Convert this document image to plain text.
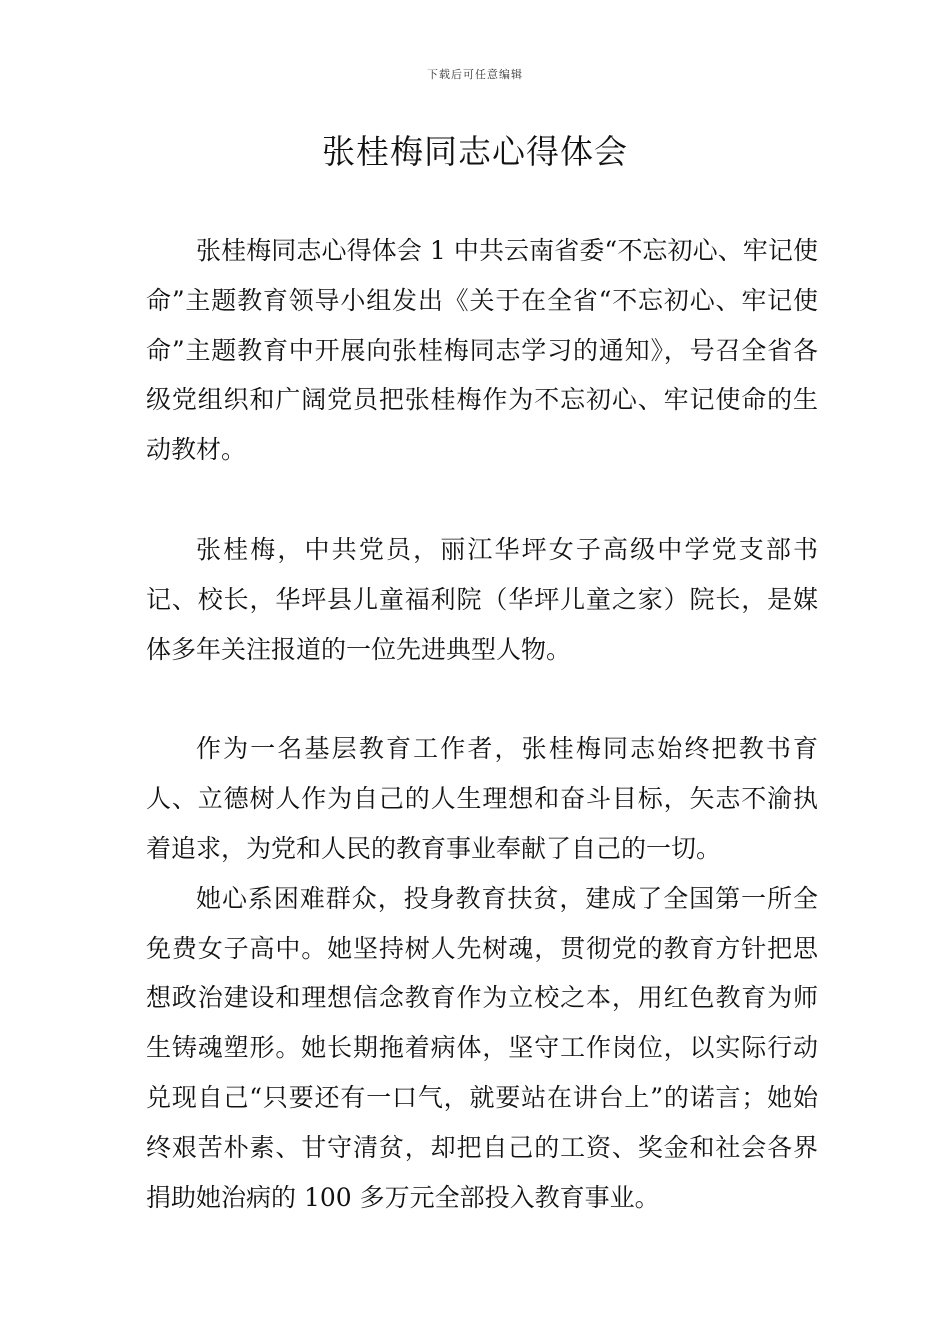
下载后可任意编辑
张桂梅同志心得体会

张桂梅同志心得体会 1 中共云南省委“不忘初心、牢记使命”主题教育领导小组发出《关于在全省“不忘初心、牢记使命”主题教育中开展向张桂梅同志学习的通知》，号召全省各级党组织和广阔党员把张桂梅作为不忘初心、牢记使命的生动教材。

张桂梅，中共党员，丽江华坪女子高级中学党支部书记、校长，华坪县儿童福利院（华坪儿童之家）院长，是媒体多年关注报道的一位先进典型人物。

作为一名基层教育工作者，张桂梅同志始终把教书育人、立德树人作为自己的人生理想和奋斗目标，矢志不渝执着追求，为党和人民的教育事业奉献了自己的一切。

她心系困难群众，投身教育扶贫，建成了全国第一所全免费女子高中。她坚持树人先树魂，贯彻党的教育方针把思想政治建设和理想信念教育作为立校之本，用红色教育为师生铸魂塑形。她长期拖着病体，坚守工作岗位，以实际行动兑现自己“只要还有一口气，就要站在讲台上”的诺言；她始终艰苦朴素、甘守清贫，却把自己的工资、奖金和社会各界捐助她治病的 100 多万元全部投入教育事业。
